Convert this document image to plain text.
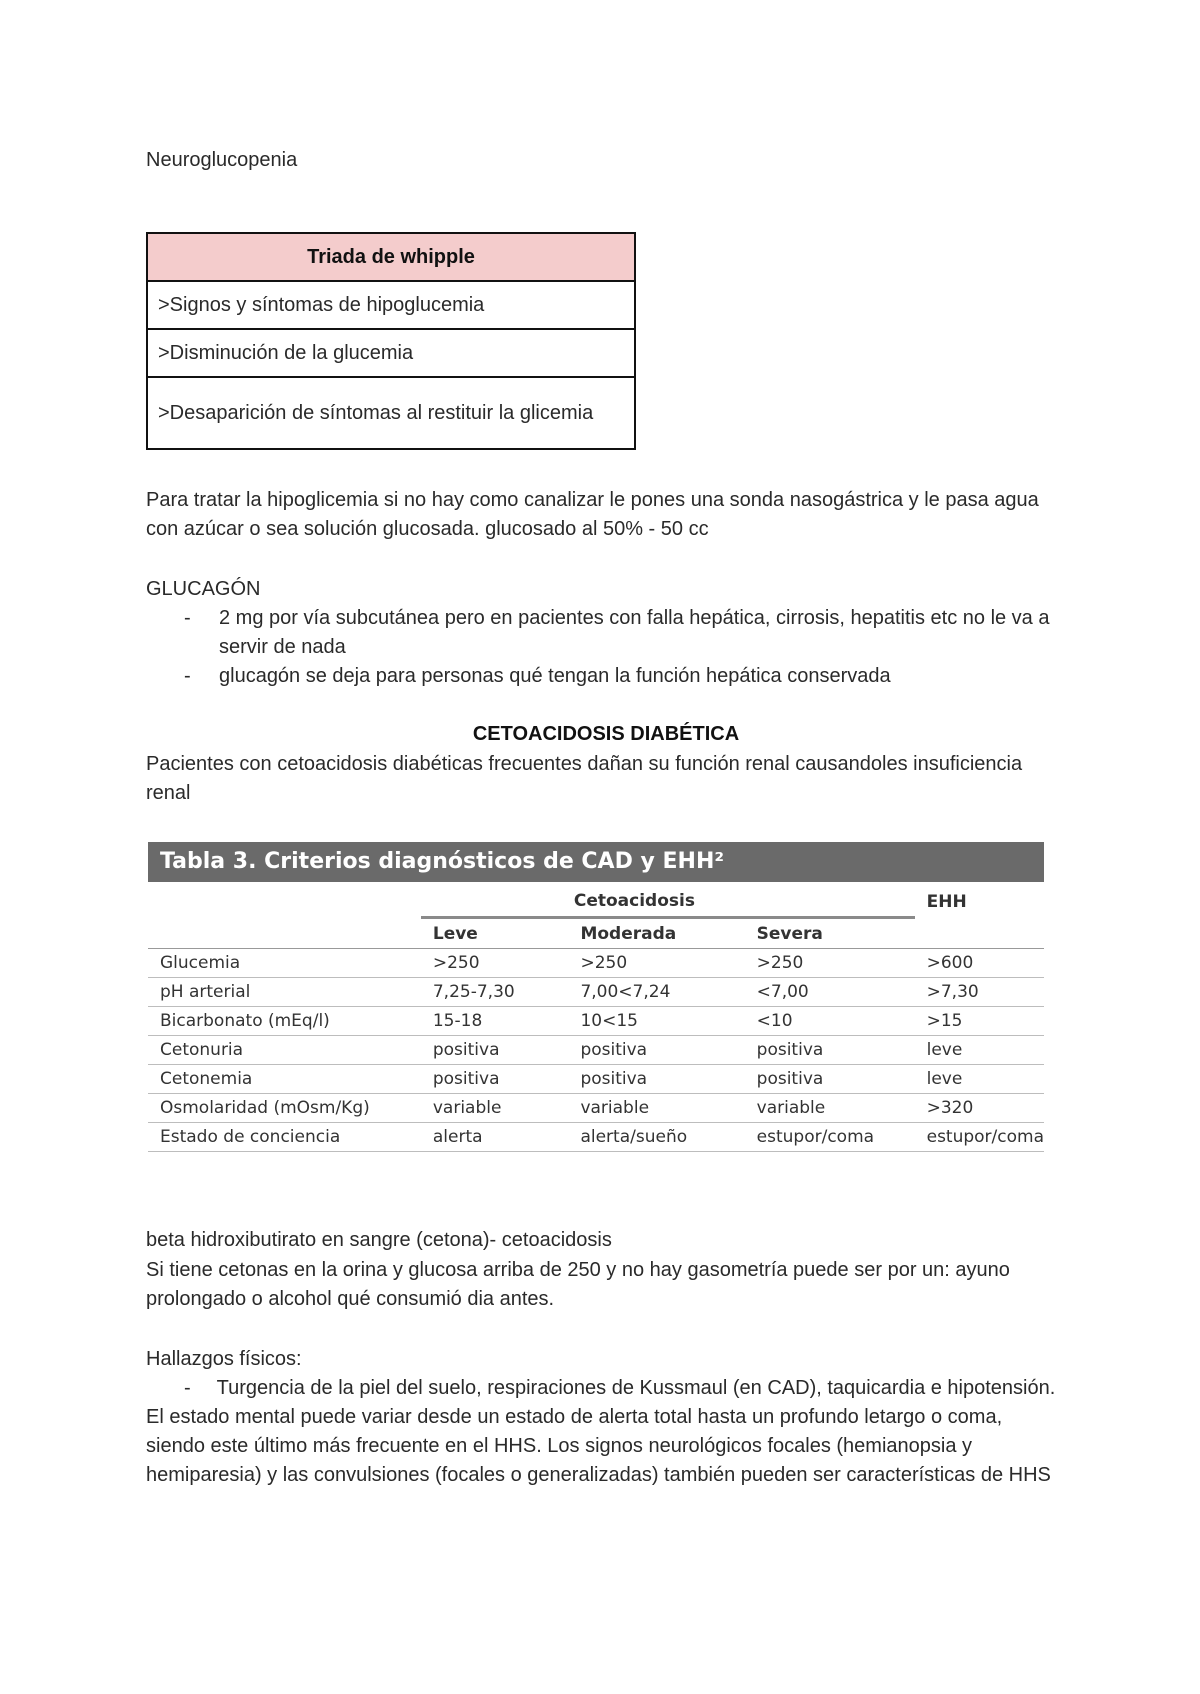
Neuroglucopenia
Triada de whipple
>Signos y síntomas de hipoglucemia
>Disminución de la glucemia
>Desaparición de síntomas al restituir la glicemia
Para tratar la hipoglicemia si no hay como canalizar le pones una sonda nasogástrica y le pasa agua con azúcar o sea solución glucosada. glucosado al 50% - 50 cc
GLUCAGÓN
- 2 mg por vía subcutánea pero en pacientes con falla hepática, cirrosis, hepatitis etc no le va a servir de nada
- glucagón se deja para personas qué tengan la función hepática conservada
CETOACIDOSIS DIABÉTICA
Pacientes con cetoacidosis diabéticas frecuentes dañan su función renal causandoles insuficiencia renal
Tabla 3. Criterios diagnósticos de CAD y EHH²
	Cetoacidosis			EHH
	Leve	Moderada	Severa	
Glucemia	>250	>250	>250	>600
pH arterial	7,25-7,30	7,00<7,24	<7,00	>7,30
Bicarbonato (mEq/l)	15-18	10<15	<10	>15
Cetonuria	positiva	positiva	positiva	leve
Cetonemia	positiva	positiva	positiva	leve
Osmolaridad (mOsm/Kg)	variable	variable	variable	>320
Estado de conciencia	alerta	alerta/sueño	estupor/coma	estupor/coma
beta hidroxibutirato en sangre (cetona)- cetoacidosis
Si tiene cetonas en la orina y glucosa arriba de 250 y no hay gasometría puede ser por un: ayuno prolongado o alcohol qué consumió dia antes.
Hallazgos físicos:
- Turgencia de la piel del suelo, respiraciones de Kussmaul (en CAD), taquicardia e hipotensión. El estado mental puede variar desde un estado de alerta total hasta un profundo letargo o coma, siendo este último más frecuente en el HHS. Los signos neurológicos focales (hemianopsia y hemiparesia) y las convulsiones (focales o generalizadas) también pueden ser características de HHS
